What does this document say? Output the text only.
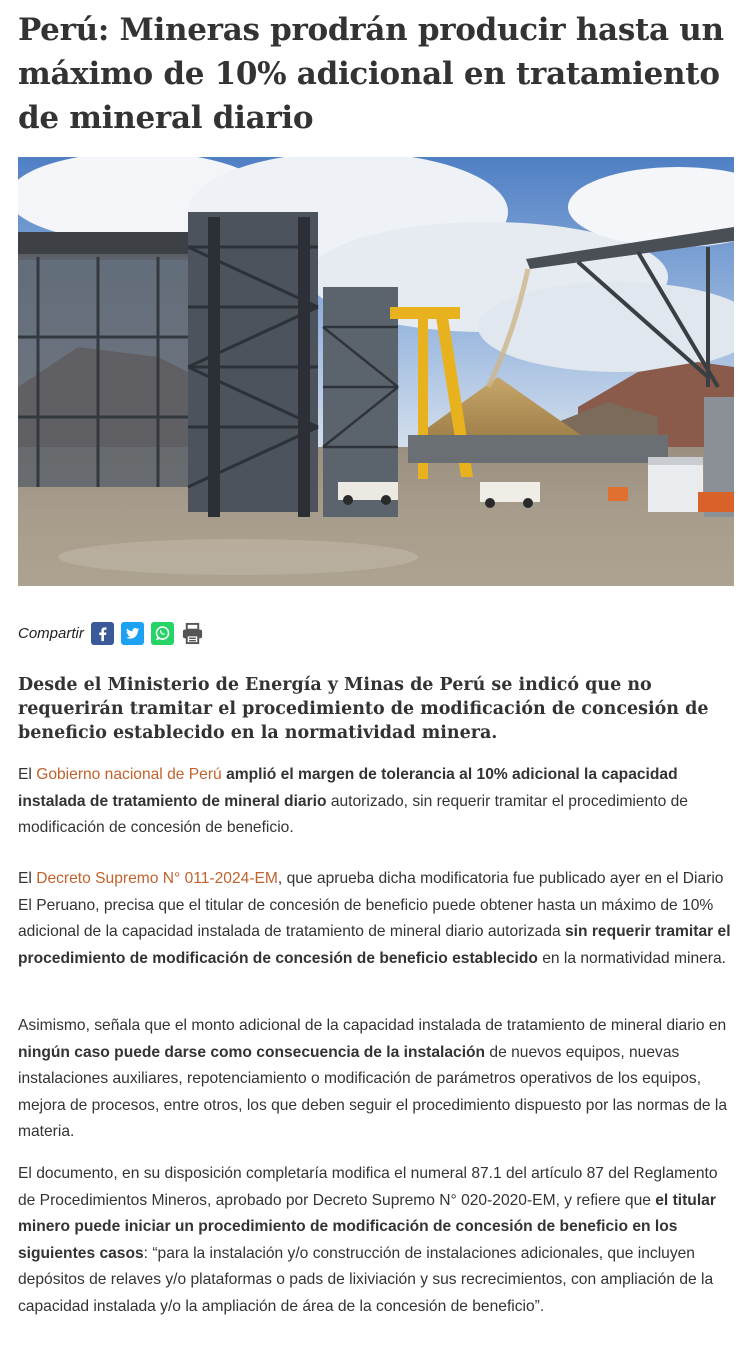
Perú: Mineras prodrán producir hasta un máximo de 10% adicional en tratamiento de mineral diario
Compartir

Desde el Ministerio de Energía y Minas de Perú se indicó que no requerirán tramitar el procedimiento de modificación de concesión de beneficio establecido en la normatividad minera.

El Gobierno nacional de Perú amplió el margen de tolerancia al 10% adicional la capacidad instalada de tratamiento de mineral diario autorizado, sin requerir tramitar el procedimiento de modificación de concesión de beneficio.

El Decreto Supremo N° 011-2024-EM, que aprueba dicha modificatoria fue publicado ayer en el Diario El Peruano, precisa que el titular de concesión de beneficio puede obtener hasta un máximo de 10% adicional de la capacidad instalada de tratamiento de mineral diario autorizada sin requerir tramitar el procedimiento de modificación de concesión de beneficio establecido en la normatividad minera.

Asimismo, señala que el monto adicional de la capacidad instalada de tratamiento de mineral diario en ningún caso puede darse como consecuencia de la instalación de nuevos equipos, nuevas instalaciones auxiliares, repotenciamiento o modificación de parámetros operativos de los equipos, mejora de procesos, entre otros, los que deben seguir el procedimiento dispuesto por las normas de la materia.

El documento, en su disposición completaría modifica el numeral 87.1 del artículo 87 del Reglamento de Procedimientos Mineros, aprobado por Decreto Supremo N° 020-2020-EM, y refiere que el titular minero puede iniciar un procedimiento de modificación de concesión de beneficio en los siguientes casos: “para la instalación y/o construcción de instalaciones adicionales, que incluyen depósitos de relaves y/o plataformas o pads de lixiviación y sus recrecimientos, con ampliación de la capacidad instalada y/o la ampliación de área de la concesión de beneficio”.
